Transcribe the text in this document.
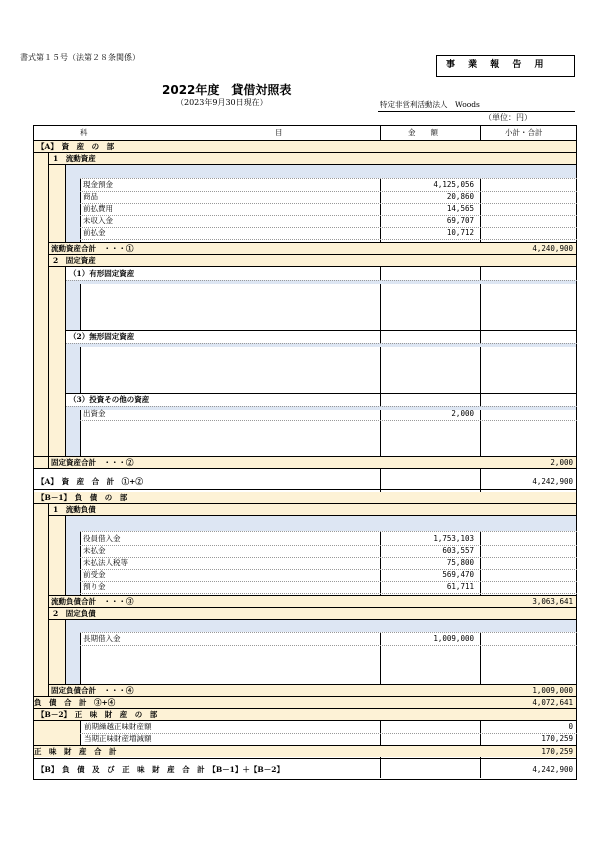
書式第１５号（法第２８条関係）
事 業 報 告 用
2022年度　貸借対照表
（2023年9月30日現在）	特定非営利活動法人　Woods
（単位：円）
科　　　　　　　　　　　　　　　　　　　　　　　　　目	金　　額	小計・合計
【A】　資　産　の　部
1　流動資産
現金預金	4,125,056
商品	20,860
前払費用	14,565
未収入金	69,707
前払金	10,712
流動資産合計　・・・①	4,240,900
2　固定資産
（1）有形固定資産
（2）無形固定資産
（3）投資その他の資産
出資金	2,000
固定資産合計　・・・②	2,000
【A】　資　産　合　計　①+②	4,242,900
【B－1】　負　債　の　部
1　流動負債
役員借入金	1,753,103
未払金	603,557
未払法人税等	75,800
前受金	569,470
預り金	61,711
流動負債合計　・・・③	3,063,641
2　固定負債
長期借入金	1,009,000
固定負債合計　・・・④	1,009,000
負　債　合　計　③+④	4,072,641
【B－2】　正　味　財　産　の　部
前期繰越正味財産額	0
当期正味財産増減額	170,259
正　味　財　産　合　計	170,259
【B】　負　債　及　び　正　味　財　産　合　計　【B－1】＋【B－2】	4,242,900
